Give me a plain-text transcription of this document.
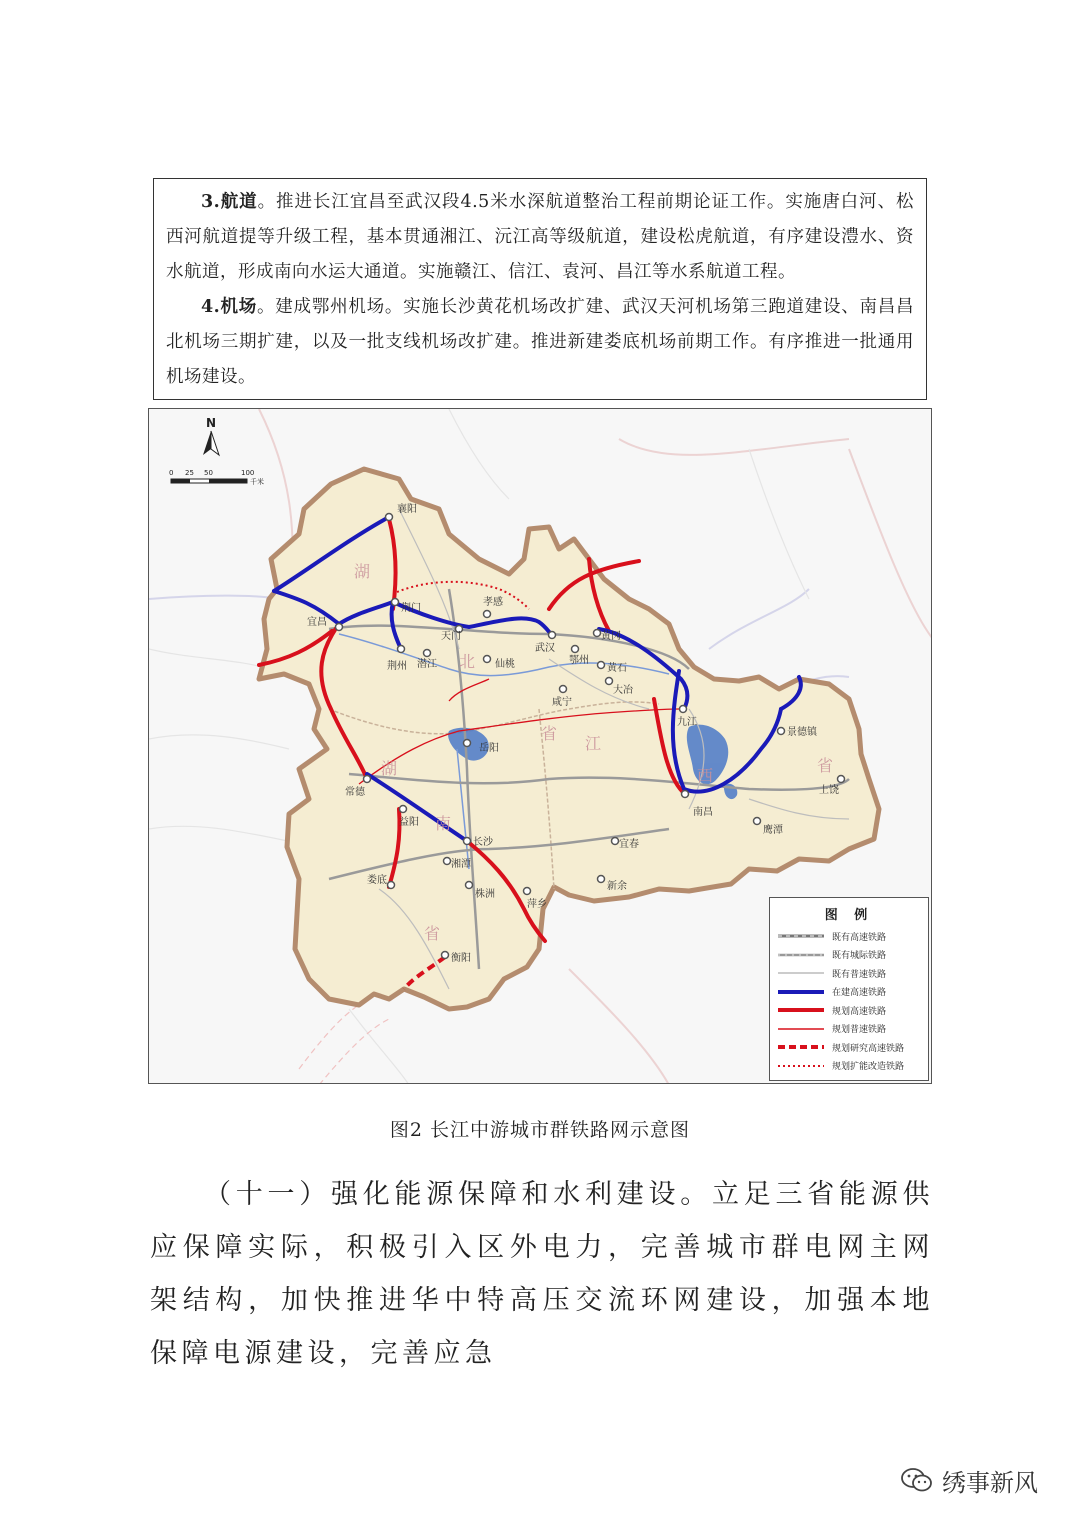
3.航道。推进长江宜昌至武汉段4.5米水深航道整治工程前期论证工作。实施唐白河、松西河航道提等升级工程，基本贯通湘江、沅江高等级航道，建设松虎航道，有序建设澧水、资水航道，形成南向水运大通道。实施赣江、信江、袁河、昌江等水系航道工程。

4.机场。建成鄂州机场。实施长沙黄花机场改扩建、武汉天河机场第三跑道建设、南昌昌北机场三期扩建，以及一批支线机场改扩建。推进新建娄底机场前期工作。有序推进一批通用机场建设。

湖
北
省
湖
南
省
江
西
省
襄阳
宜昌
荆门
孝感
天门
潜江	仙桃
荆州
武汉
鄂州
黄冈
黄石
咸宁
大冶
九江
景德镇
岳阳
常德
益阳
长沙
南昌
上饶
鹰潭
宜春
新余
萍乡
湘潭
株洲
娄底
衡阳
N
0 25 50	100
千米
图 例
既有高速铁路
既有城际铁路
既有普速铁路
在建高速铁路
规划高速铁路
规划普速铁路
规划研究高速铁路
规划扩能改造铁路
图2 长江中游城市群铁路网示意图

（十一）强化能源保障和水利建设。立足三省能源供应保障实际，积极引入区外电力，完善城市群电网主网架结构，加快推进华中特高压交流环网建设，加强本地保障电源建设，完善应急

绣事新风
